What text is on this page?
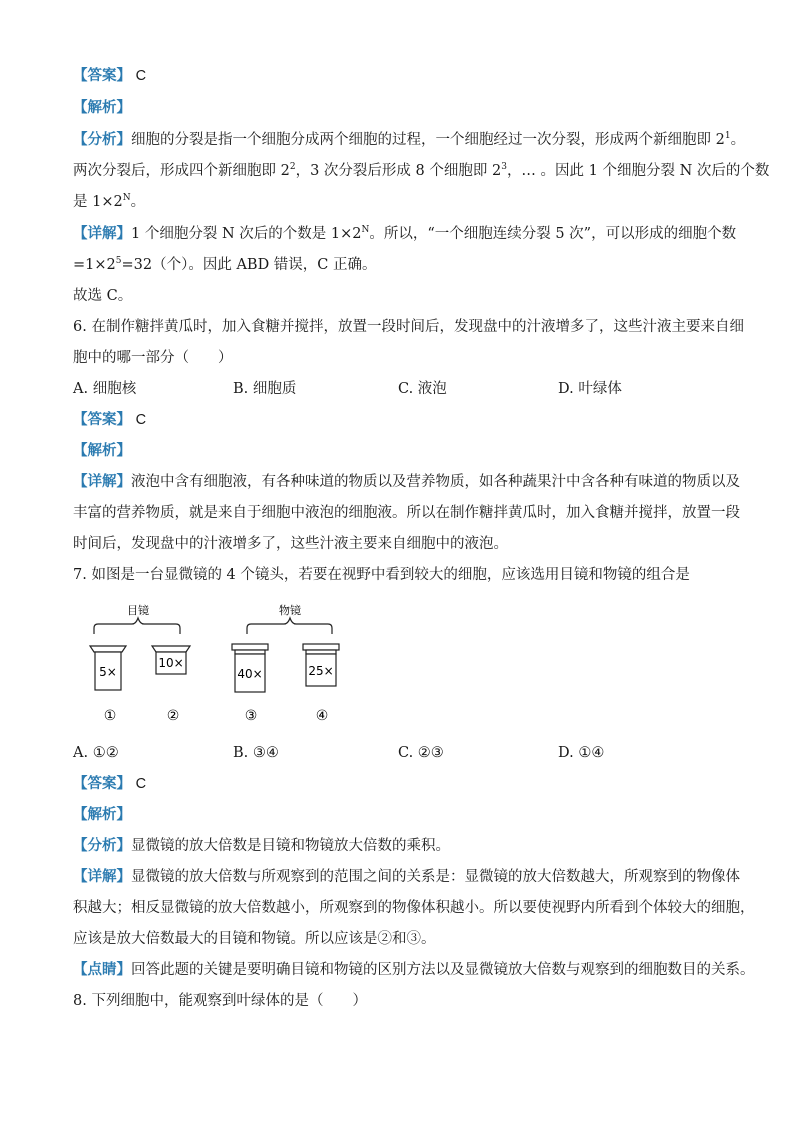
【答案】 C
【解析】
【分析】细胞的分裂是指一个细胞分成两个细胞的过程，一个细胞经过一次分裂，形成两个新细胞即 $2^1$。
两次分裂后，形成四个新细胞即 $2^2$，3 次分裂后形成 8 个细胞即 $2^3$，… 。因此 1 个细胞分裂 N 次后的个数
是 $1\times 2^N$。
【详解】1 个细胞分裂 N 次后的个数是 $1\times 2^N$。所以，“一个细胞连续分裂 5 次”，可以形成的细胞个数
$=1\times 2^5=32$（个）。因此 ABD 错误，C 正确。
故选 C。
6. 在制作糖拌黄瓜时，加入食糖并搅拌，放置一段时间后，发现盘中的汁液增多了，这些汁液主要来自细
胞中的哪一部分（　　）
A. 细胞核	B. 细胞质	C. 液泡	D. 叶绿体
【答案】 C
【解析】
【详解】液泡中含有细胞液，有各种味道的物质以及营养物质，如各种蔬果汁中含各种有味道的物质以及
丰富的营养物质，就是来自于细胞中液泡的细胞液。所以在制作糖拌黄瓜时，加入食糖并搅拌，放置一段
时间后，发现盘中的汁液增多了，这些汁液主要来自细胞中的液泡。
7. 如图是一台显微镜的 4 个镜头，若要在视野中看到较大的细胞，应该选用目镜和物镜的组合是
目镜
5×
10×
物镜
40×	25×
①	②	③	④
A. ①②	B. ③④	C. ②③	D. ①④
【答案】 C
【解析】
【分析】显微镜的放大倍数是目镜和物镜放大倍数的乘积。
【详解】显微镜的放大倍数与所观察到的范围之间的关系是：显微镜的放大倍数越大，所观察到的物像体
积越大；相反显微镜的放大倍数越小，所观察到的物像体积越小。所以要使视野内所看到个体较大的细胞，
应该是放大倍数最大的目镜和物镜。所以应该是②和③。
【点睛】回答此题的关键是要明确目镜和物镜的区别方法以及显微镜放大倍数与观察到的细胞数目的关系。
8. 下列细胞中，能观察到叶绿体的是（　　）
